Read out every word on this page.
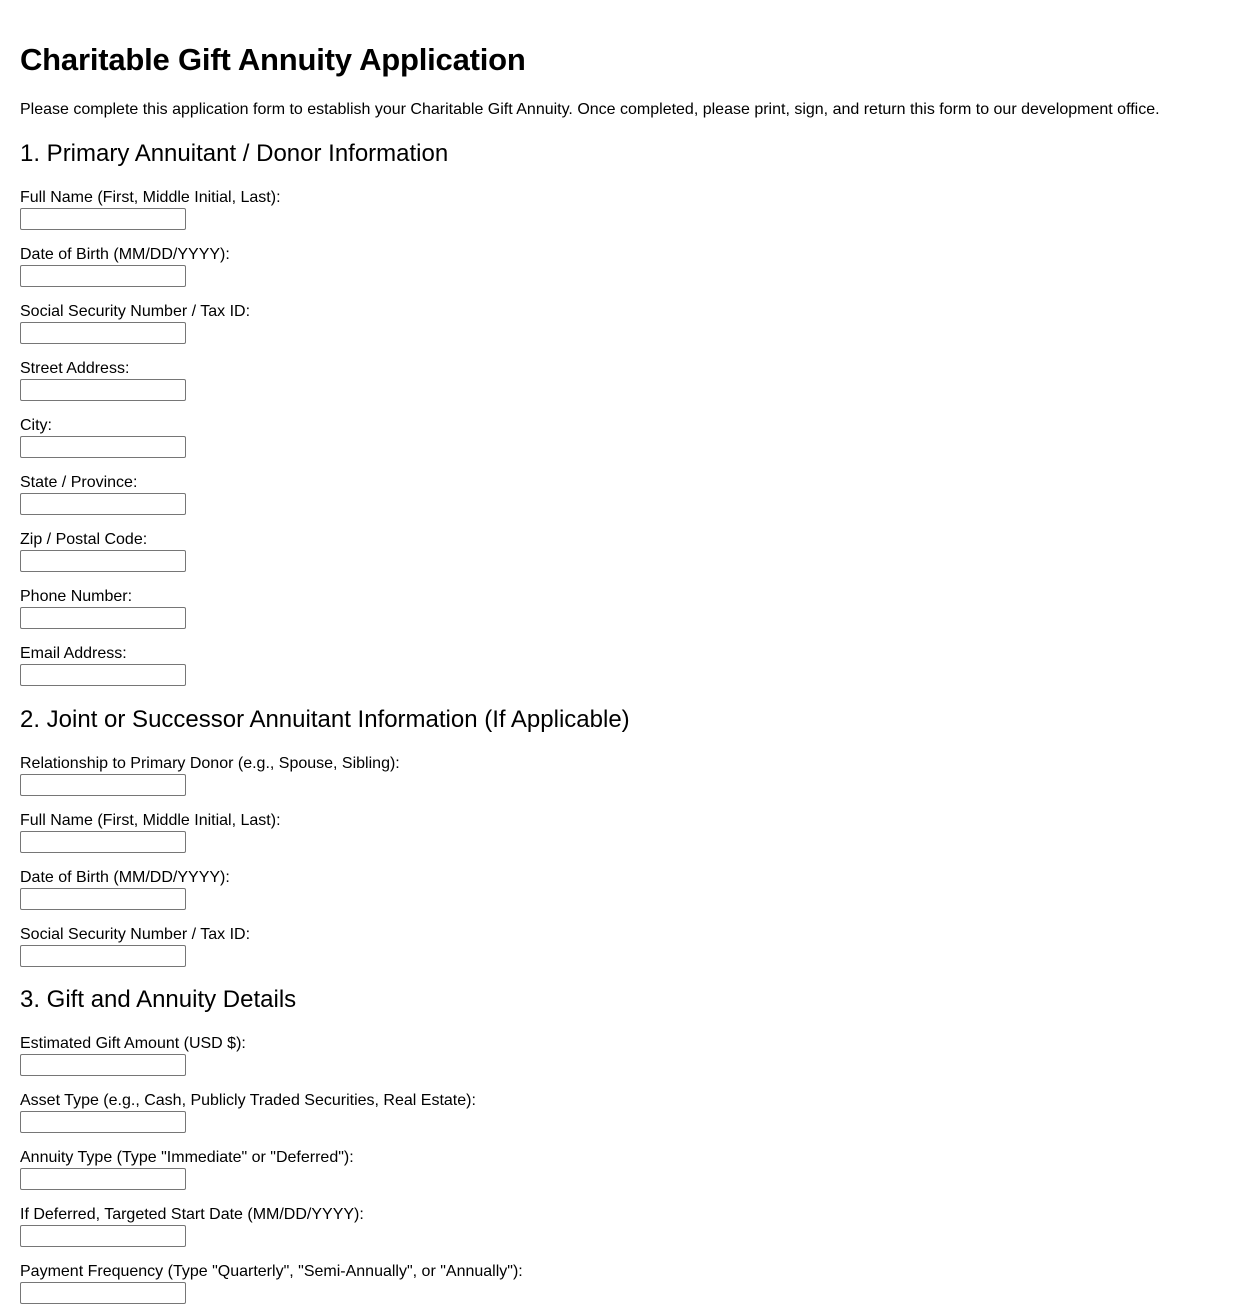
Charitable Gift Annuity Application

Please complete this application form to establish your Charitable Gift Annuity. Once completed, please print, sign, and return this form to our development office.

1. Primary Annuitant / Donor Information
Full Name (First, Middle Initial, Last):
Date of Birth (MM/DD/YYYY):
Social Security Number / Tax ID:
Street Address:
City:
State / Province:
Zip / Postal Code:
Phone Number:
Email Address:
2. Joint or Successor Annuitant Information (If Applicable)
Relationship to Primary Donor (e.g., Spouse, Sibling):
Full Name (First, Middle Initial, Last):
Date of Birth (MM/DD/YYYY):
Social Security Number / Tax ID:
3. Gift and Annuity Details
Estimated Gift Amount (USD $):
Asset Type (e.g., Cash, Publicly Traded Securities, Real Estate):
Annuity Type (Type "Immediate" or "Deferred"):
If Deferred, Targeted Start Date (MM/DD/YYYY):
Payment Frequency (Type "Quarterly", "Semi-Annually", or "Annually"):
